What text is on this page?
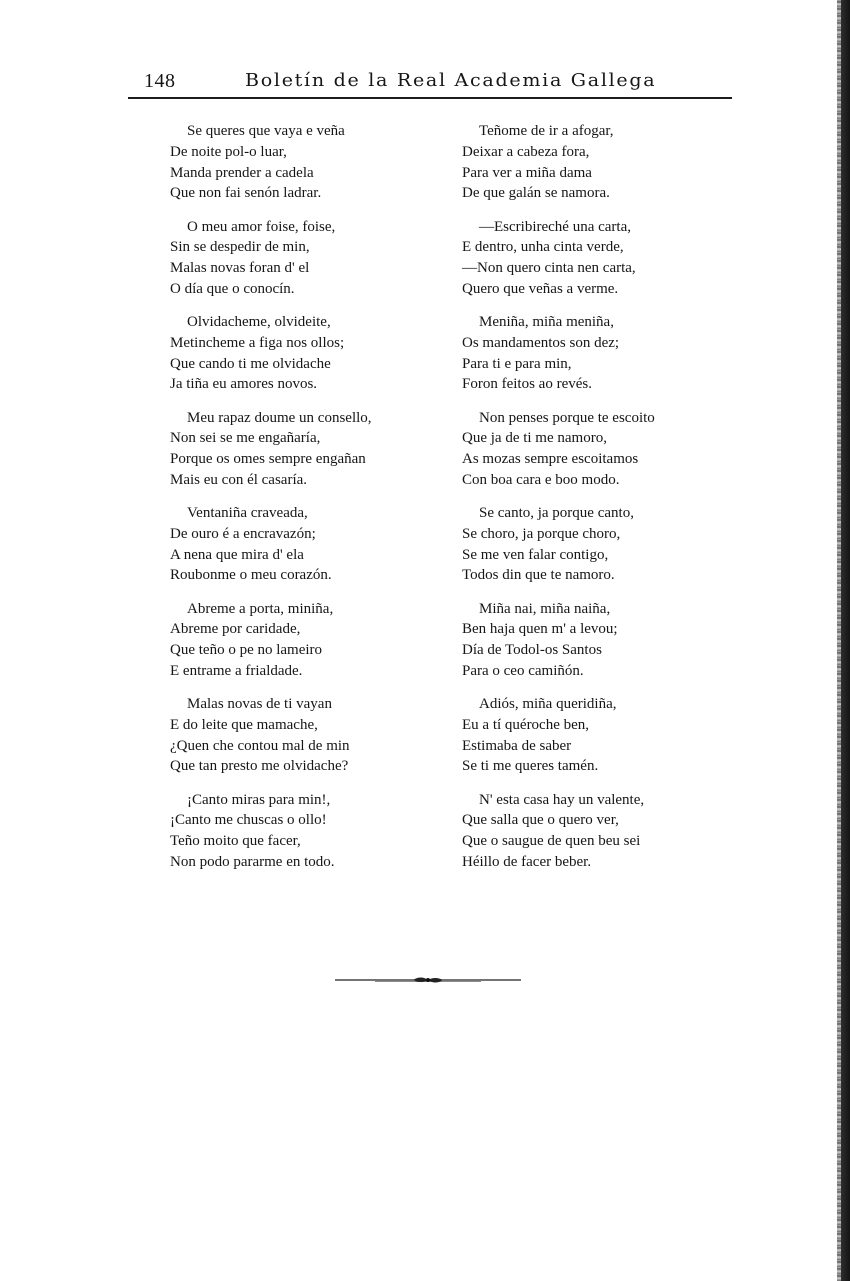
148	Boletín de la Real Academia Gallega
Se queres que vaya e veña
De noite pol-o luar,
Manda prender a cadela
Que non fai senón ladrar.
O meu amor foise, foise,
Sin se despedir de min,
Malas novas foran d' el
O día que o conocín.
Olvidacheme, olvideite,
Metincheme a figa nos ollos;
Que cando ti me olvidache
Ja tiña eu amores novos.
Meu rapaz doume un consello,
Non sei se me engañaría,
Porque os omes sempre engañan
Mais eu con él casaría.
Ventaniña craveada,
De ouro é a encravazón;
A nena que mira d' ela
Roubonme o meu corazón.
Abreme a porta, miniña,
Abreme por caridade,
Que teño o pe no lameiro
E entrame a frialdade.
Malas novas de ti vayan
E do leite que mamache,
¿Quen che contou mal de min
Que tan presto me olvidache?
¡Canto miras para min!,
¡Canto me chuscas o ollo!
Teño moito que facer,
Non podo pararme en todo.
Teñome de ir a afogar,
Deixar a cabeza fora,
Para ver a miña dama
De que galán se namora.
—Escribireché una carta,
E dentro, unha cinta verde,
—Non quero cinta nen carta,
Quero que veñas a verme.
Meniña, miña meniña,
Os mandamentos son dez;
Para ti e para min,
Foron feitos ao revés.
Non penses porque te escoito
Que ja de ti me namoro,
As mozas sempre escoitamos
Con boa cara e boo modo.
Se canto, ja porque canto,
Se choro, ja porque choro,
Se me ven falar contigo,
Todos din que te namoro.
Miña nai, miña naiña,
Ben haja quen m' a levou;
Día de Todol-os Santos
Para o ceo camiñón.
Adiós, miña queridiña,
Eu a tí quéroche ben,
Estimaba de saber
Se ti me queres tamén.
N' esta casa hay un valente,
Que salla que o quero ver,
Que o saugue de quen beu sei
Héillo de facer beber.
